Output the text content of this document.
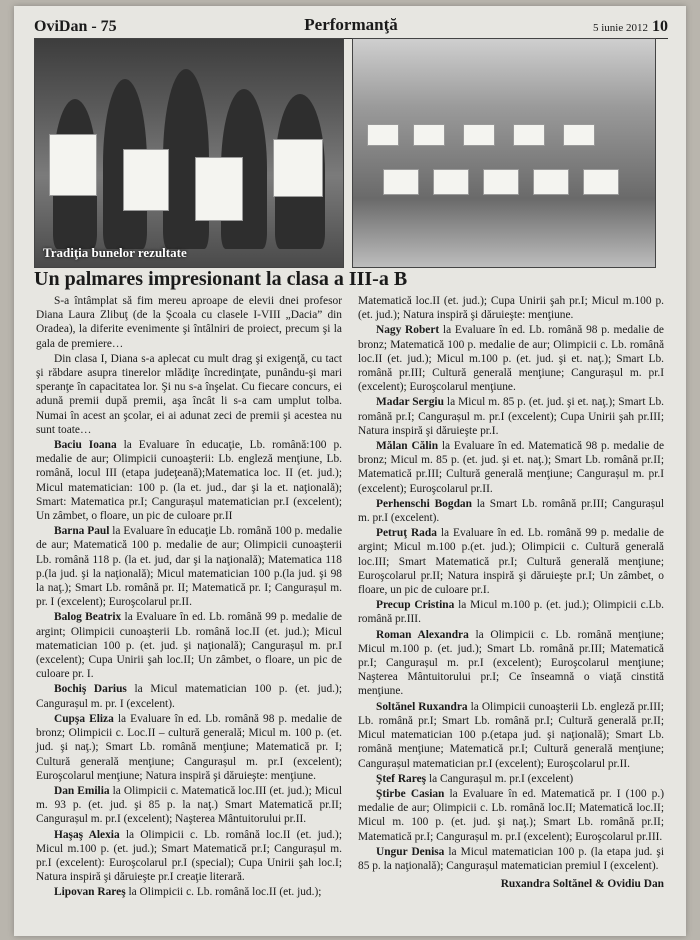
OviDan - 75	Performanţă	5 iunie 2012 10
Tradiţia bunelor rezultate
Un palmares impresionant la clasa a III-a B

S-a întâmplat să fim mereu aproape de elevii dnei profesor Diana Laura Zlibuţ (de la Şcoala cu clasele I-VIII „Dacia” din Oradea), la diferite evenimente şi întâlniri de proiect, precum şi la gala de premiere…

Din clasa I, Diana s-a aplecat cu mult drag şi exigenţă, cu tact şi răbdare asupra tinerelor mlădiţe încredinţate, punându-şi mari speranţe în capacitatea lor. Şi nu s-a înşelat. Cu fiecare concurs, ei adună premii după premii, aşa încât li s-a cam umplut tolba. Numai în acest an şcolar, ei ai adunat zeci de premii şi acestea nu sunt toate…

Baciu Ioana la Evaluare în educaţie, Lb. română:100 p. medalie de aur; Olimpicii cunoaşterii: Lb. engleză menţiune, Lb. română, locul III (etapa judeţeană);Matematica loc. II (et. jud.); Micul matematician: 100 p. (la et. jud., dar şi la et. naţională); Smart: Matematica pr.I; Cangurașul matematician pr.I (excelent); Un zâmbet, o floare, un pic de culoare pr.II

Barna Paul la Evaluare în educaţie Lb. română 100 p. medalie de aur; Matematică 100 p. medalie de aur; Olimpicii cunoaşterii Lb. română 118 p. (la et. jud, dar şi la naţională); Matematica 118 p.(la jud. şi la naţională); Micul matematician 100 p.(la jud. şi 98 la naţ.); Smart Lb. română pr. II; Matematică pr. I; Cangurașul m. pr. I (excelent); Euroşcolarul pr.II.

Balog Beatrix la Evaluare în ed. Lb. română 99 p. medalie de argint; Olimpicii cunoaşterii Lb. română loc.II (et. jud.); Micul matematician 100 p. (et. jud. şi naţională); Cangurașul m. pr.I (excelent); Cupa Unirii şah loc.II; Un zâmbet, o floare, un pic de culoare pr. I.

Bochiş Darius la Micul matematician 100 p. (et. jud.); Cangurașul m. pr. I (excelent).

Cupşa Eliza la Evaluare în ed. Lb. română 98 p. medalie de bronz; Olimpicii c. Loc.II – cultură generală; Micul m. 100 p. (et. jud. şi naţ.); Smart Lb. română menţiune; Matematică pr. I; Cultură generală menţiune; Cangurașul m. pr.I (excelent); Euroşcolarul menţiune; Natura inspiră şi dăruieşte: menţiune.

Dan Emilia la Olimpicii c. Matematică loc.III (et. jud.); Micul m. 93 p. (et. jud. şi 85 p. la naţ.) Smart Matematică pr.II; Cangurașul m. pr.I (excelent); Naşterea Mântuitorului pr.II.

Haşaş Alexia la Olimpicii c. Lb. română loc.II (et. jud.); Micul m.100 p. (et. jud.); Smart Matematică pr.I; Cangurașul m. pr.I (excelent): Euroşcolarul pr.I (special); Cupa Unirii şah loc.I; Natura inspiră şi dăruieşte pr.I creaţie literară.

Lipovan Rareş la Olimpicii c. Lb. română loc.II (et. jud.);

Matematică loc.II (et. jud.); Cupa Unirii şah pr.I; Micul m.100 p. (et. jud.); Natura inspiră şi dăruieşte: menţiune.

Nagy Robert la Evaluare în ed. Lb. română 98 p. medalie de bronz; Matematică 100 p. medalie de aur; Olimpicii c. Lb. română loc.II (et. jud.); Micul m.100 p. (et. jud. şi et. naţ.); Smart Lb. română pr.III; Cultură generală menţiune; Cangurașul m. pr.I (excelent); Euroşcolarul menţiune.

Madar Sergiu la Micul m. 85 p. (et. jud. şi et. naţ.); Smart Lb. română pr.I; Cangurașul m. pr.I (excelent); Cupa Unirii şah pr.III; Natura inspiră şi dăruieşte pr.I.

Mălan Călin la Evaluare în ed. Matematică 98 p. medalie de bronz; Micul m. 85 p. (et. jud. şi et. naţ.); Smart Lb. română pr.II; Matematică pr.III; Cultură generală menţiune; Cangurașul m. pr.I (excelent); Euroşcolarul pr.II.

Perhenschi Bogdan la Smart Lb. română pr.III; Cangurașul m. pr.I (excelent).

Petruţ Rada la Evaluare în ed. Lb. română 99 p. medalie de argint; Micul m.100 p.(et. jud.); Olimpicii c. Cultură generală loc.III; Smart Matematică pr.I; Cultură generală menţiune; Euroşcolarul pr.II; Natura inspiră şi dăruieşte pr.I; Un zâmbet, o floare, un pic de culoare pr.I.

Precup Cristina la Micul m.100 p. (et. jud.); Olimpicii c.Lb. română pr.III.

Roman Alexandra la Olimpicii c. Lb. română menţiune; Micul m.100 p. (et. jud.); Smart Lb. română pr.III; Matematică pr.I; Cangurașul m. pr.I (excelent); Euroşcolarul menţiune; Naşterea Mântuitorului pr.I; Ce înseamnă o viaţă cinstită menţiune.

Soltănel Ruxandra la Olimpicii cunoaşterii Lb. engleză pr.III; Lb. română pr.I; Smart Lb. română pr.I; Cultură generală pr.II; Micul matematician 100 p.(etapa jud. şi naţională); Smart Lb. română menţiune; Matematică pr.I; Cultură generală menţiune; Cangurașul matematician pr.I (excelent); Euroşcolarul pr.II.

Ştef Rareş la Cangurașul m. pr.I (excelent)

Ştirbe Casian la Evaluare în ed. Matematică pr. I (100 p.) medalie de aur; Olimpicii c. Lb. română loc.II; Matematică loc.II; Micul m. 100 p. (et. jud. şi naţ.); Smart Lb. română pr.II; Matematică pr.I; Cangurașul m. pr.I (excelent); Euroşcolarul pr.III.

Ungur Denisa la Micul matematician 100 p. (la etapa jud. şi 85 p. la naţională); Cangurașul matematician premiul I (excelent).

Ruxandra Soltănel & Ovidiu Dan
